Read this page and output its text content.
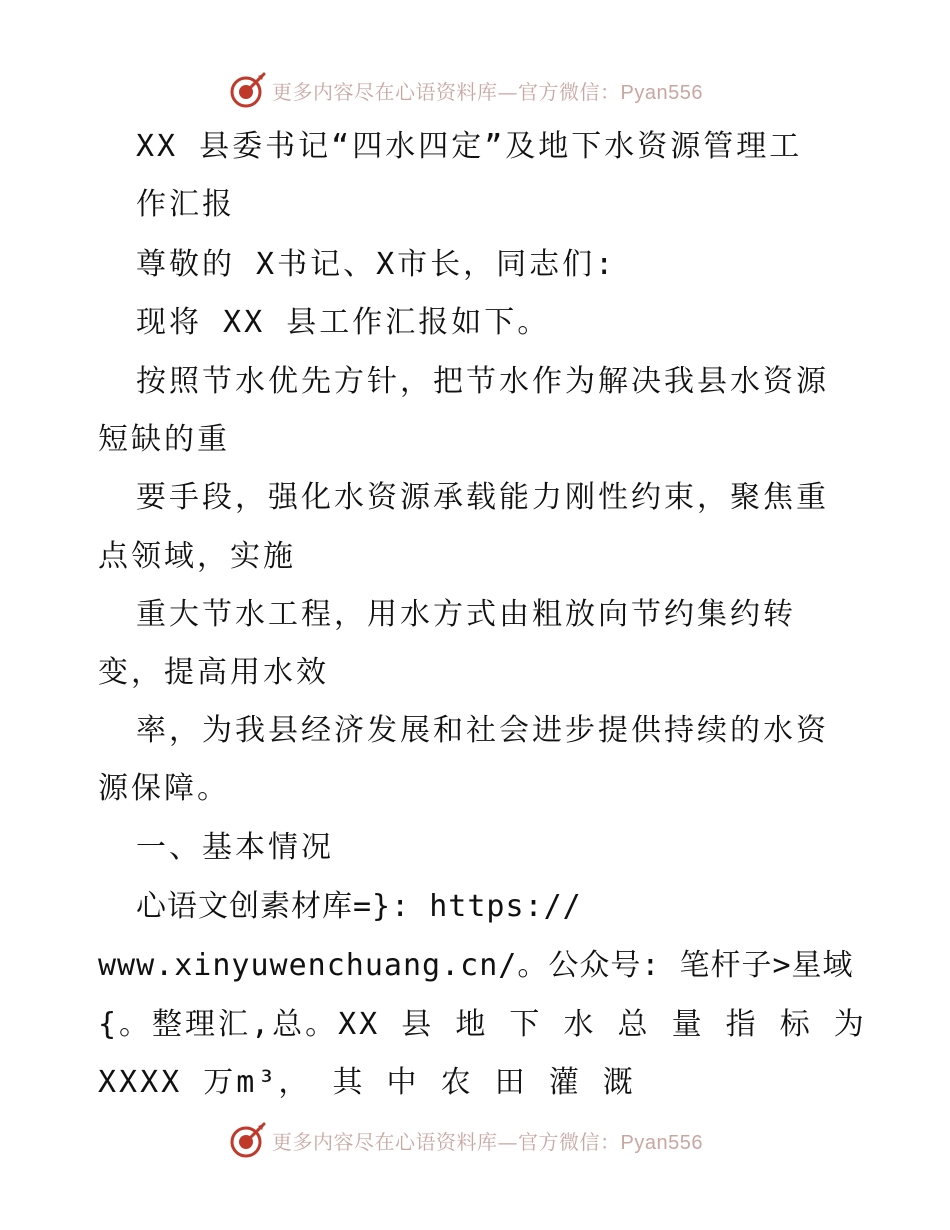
更多内容尽在心语资料库—官方微信：Pyan556
XX 县委书记“四水四定”及地下水资源管理工
作汇报
尊敬的 X书记、X市长，同志们:
现将 XX 县工作汇报如下。
按照节水优先方针，把节水作为解决我县水资源
短缺的重
要手段，强化水资源承载能力刚性约束，聚焦重
点领域，实施
重大节水工程，用水方式由粗放向节约集约转
变，提高用水效
率，为我县经济发展和社会进步提供持续的水资
源保障。
一、基本情况
心语文创素材库=}: https://
www.xinyuwenchuang.cn/。公众号: 笔杆子>星域
{。整理汇,总。XX 县 地 下 水 总 量 指 标 为
XXXX 万m³， 其 中 农 田 灌 溉
更多内容尽在心语资料库—官方微信：Pyan556
